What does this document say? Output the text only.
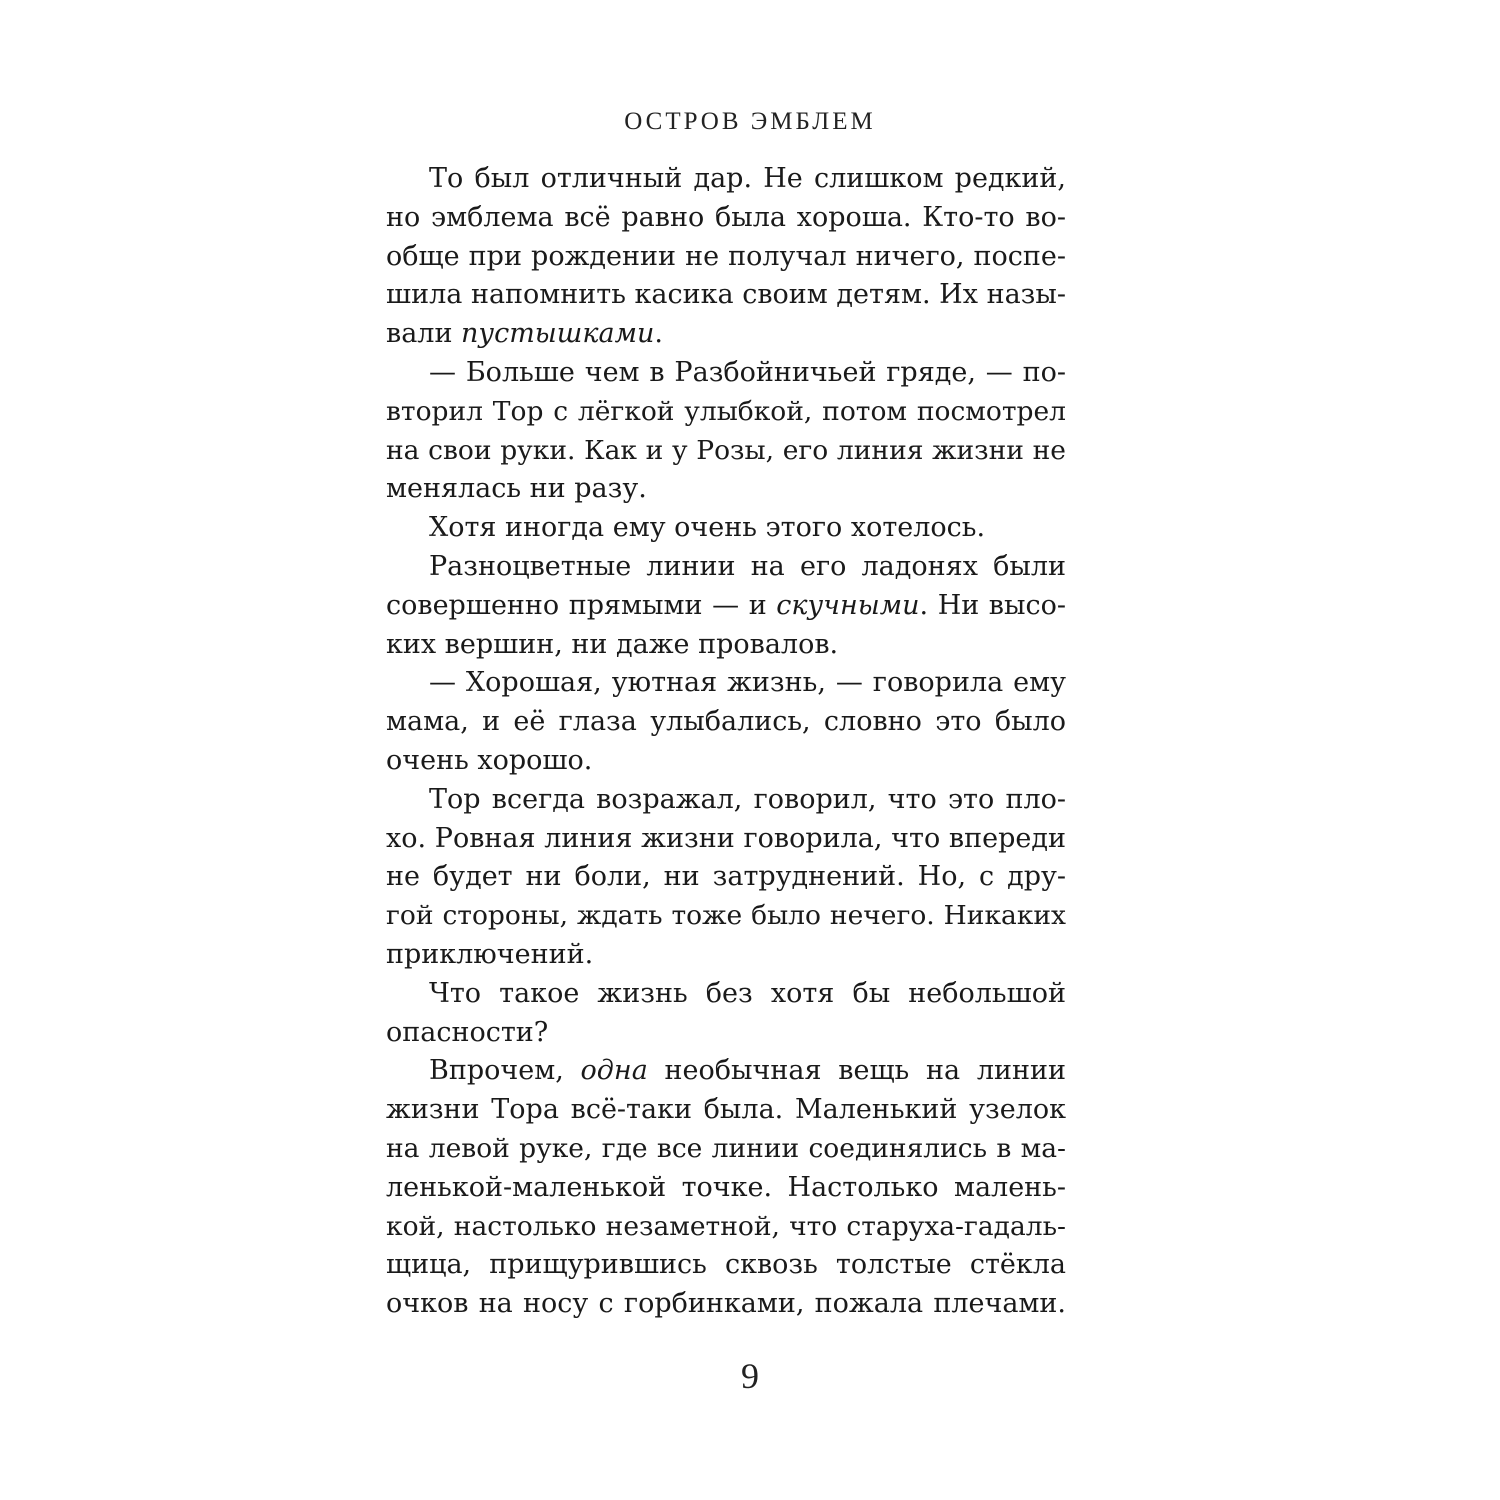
ОСТРОВ ЭМБЛЕМ
То был отличный дар. Не слишком редкий,
но эмблема всё равно была хороша. Кто-то во-
обще при рождении не получал ничего, поспе-
шила напомнить касика своим детям. Их назы-
вали пустышками.
— Больше чем в Разбойничьей гряде, — по-
вторил Тор с лёгкой улыбкой, потом посмотрел
на свои руки. Как и у Розы, его линия жизни не
менялась ни разу.
Хотя иногда ему очень этого хотелось.
Разноцветные линии на его ладонях были
совершенно прямыми — и скучными. Ни высо-
ких вершин, ни даже провалов.
— Хорошая, уютная жизнь, — говорила ему
мама, и её глаза улыбались, словно это было
очень хорошо.
Тор всегда возражал, говорил, что это пло-
хо. Ровная линия жизни говорила, что впереди
не будет ни боли, ни затруднений. Но, с дру-
гой стороны, ждать тоже было нечего. Никаких
приключений.
Что такое жизнь без хотя бы небольшой
опасности?
Впрочем, одна необычная вещь на линии
жизни Тора всё-таки была. Маленький узелок
на левой руке, где все линии соединялись в ма-
ленькой-маленькой точке. Настолько малень-
кой, настолько незаметной, что старуха-гадаль-
щица, прищурившись сквозь толстые стёкла
очков на носу с горбинками, пожала плечами.
9
